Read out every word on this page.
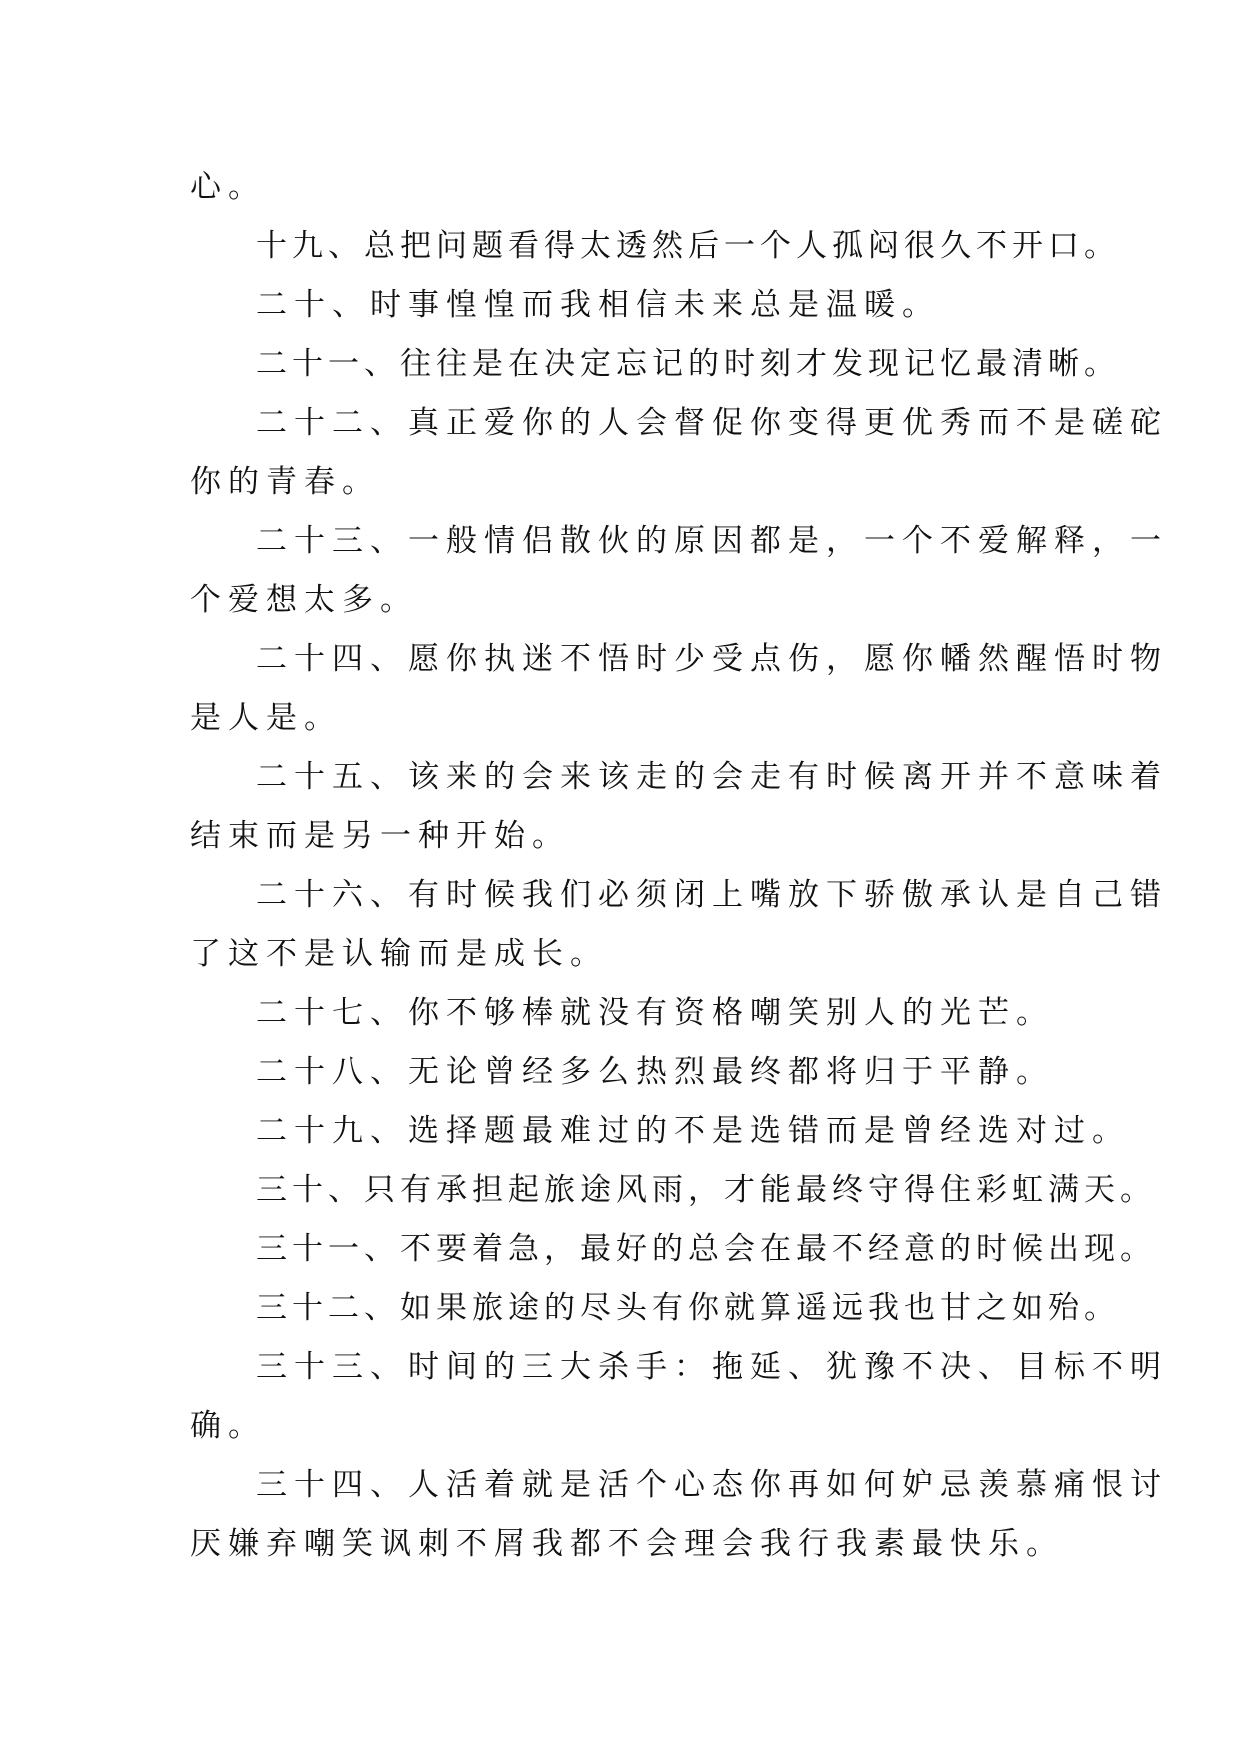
心。

十九、总把问题看得太透然后一个人孤闷很久不开口。

二十、时事惶惶而我相信未来总是温暖。

二十一、往往是在决定忘记的时刻才发现记忆最清晰。

二十二、真正爱你的人会督促你变得更优秀而不是磋砣

你的青春。

二十三、一般情侣散伙的原因都是，一个不爱解释，一

个爱想太多。

二十四、愿你执迷不悟时少受点伤，愿你幡然醒悟时物

是人是。

二十五、该来的会来该走的会走有时候离开并不意味着

结束而是另一种开始。

二十六、有时候我们必须闭上嘴放下骄傲承认是自己错

了这不是认输而是成长。

二十七、你不够棒就没有资格嘲笑别人的光芒。

二十八、无论曾经多么热烈最终都将归于平静。

二十九、选择题最难过的不是选错而是曾经选对过。

三十、只有承担起旅途风雨，才能最终守得住彩虹满天。

三十一、不要着急，最好的总会在最不经意的时候出现。

三十二、如果旅途的尽头有你就算遥远我也甘之如殆。

三十三、时间的三大杀手：拖延、犹豫不决、目标不明

确。

三十四、人活着就是活个心态你再如何妒忌羡慕痛恨讨

厌嫌弃嘲笑讽刺不屑我都不会理会我行我素最快乐。
